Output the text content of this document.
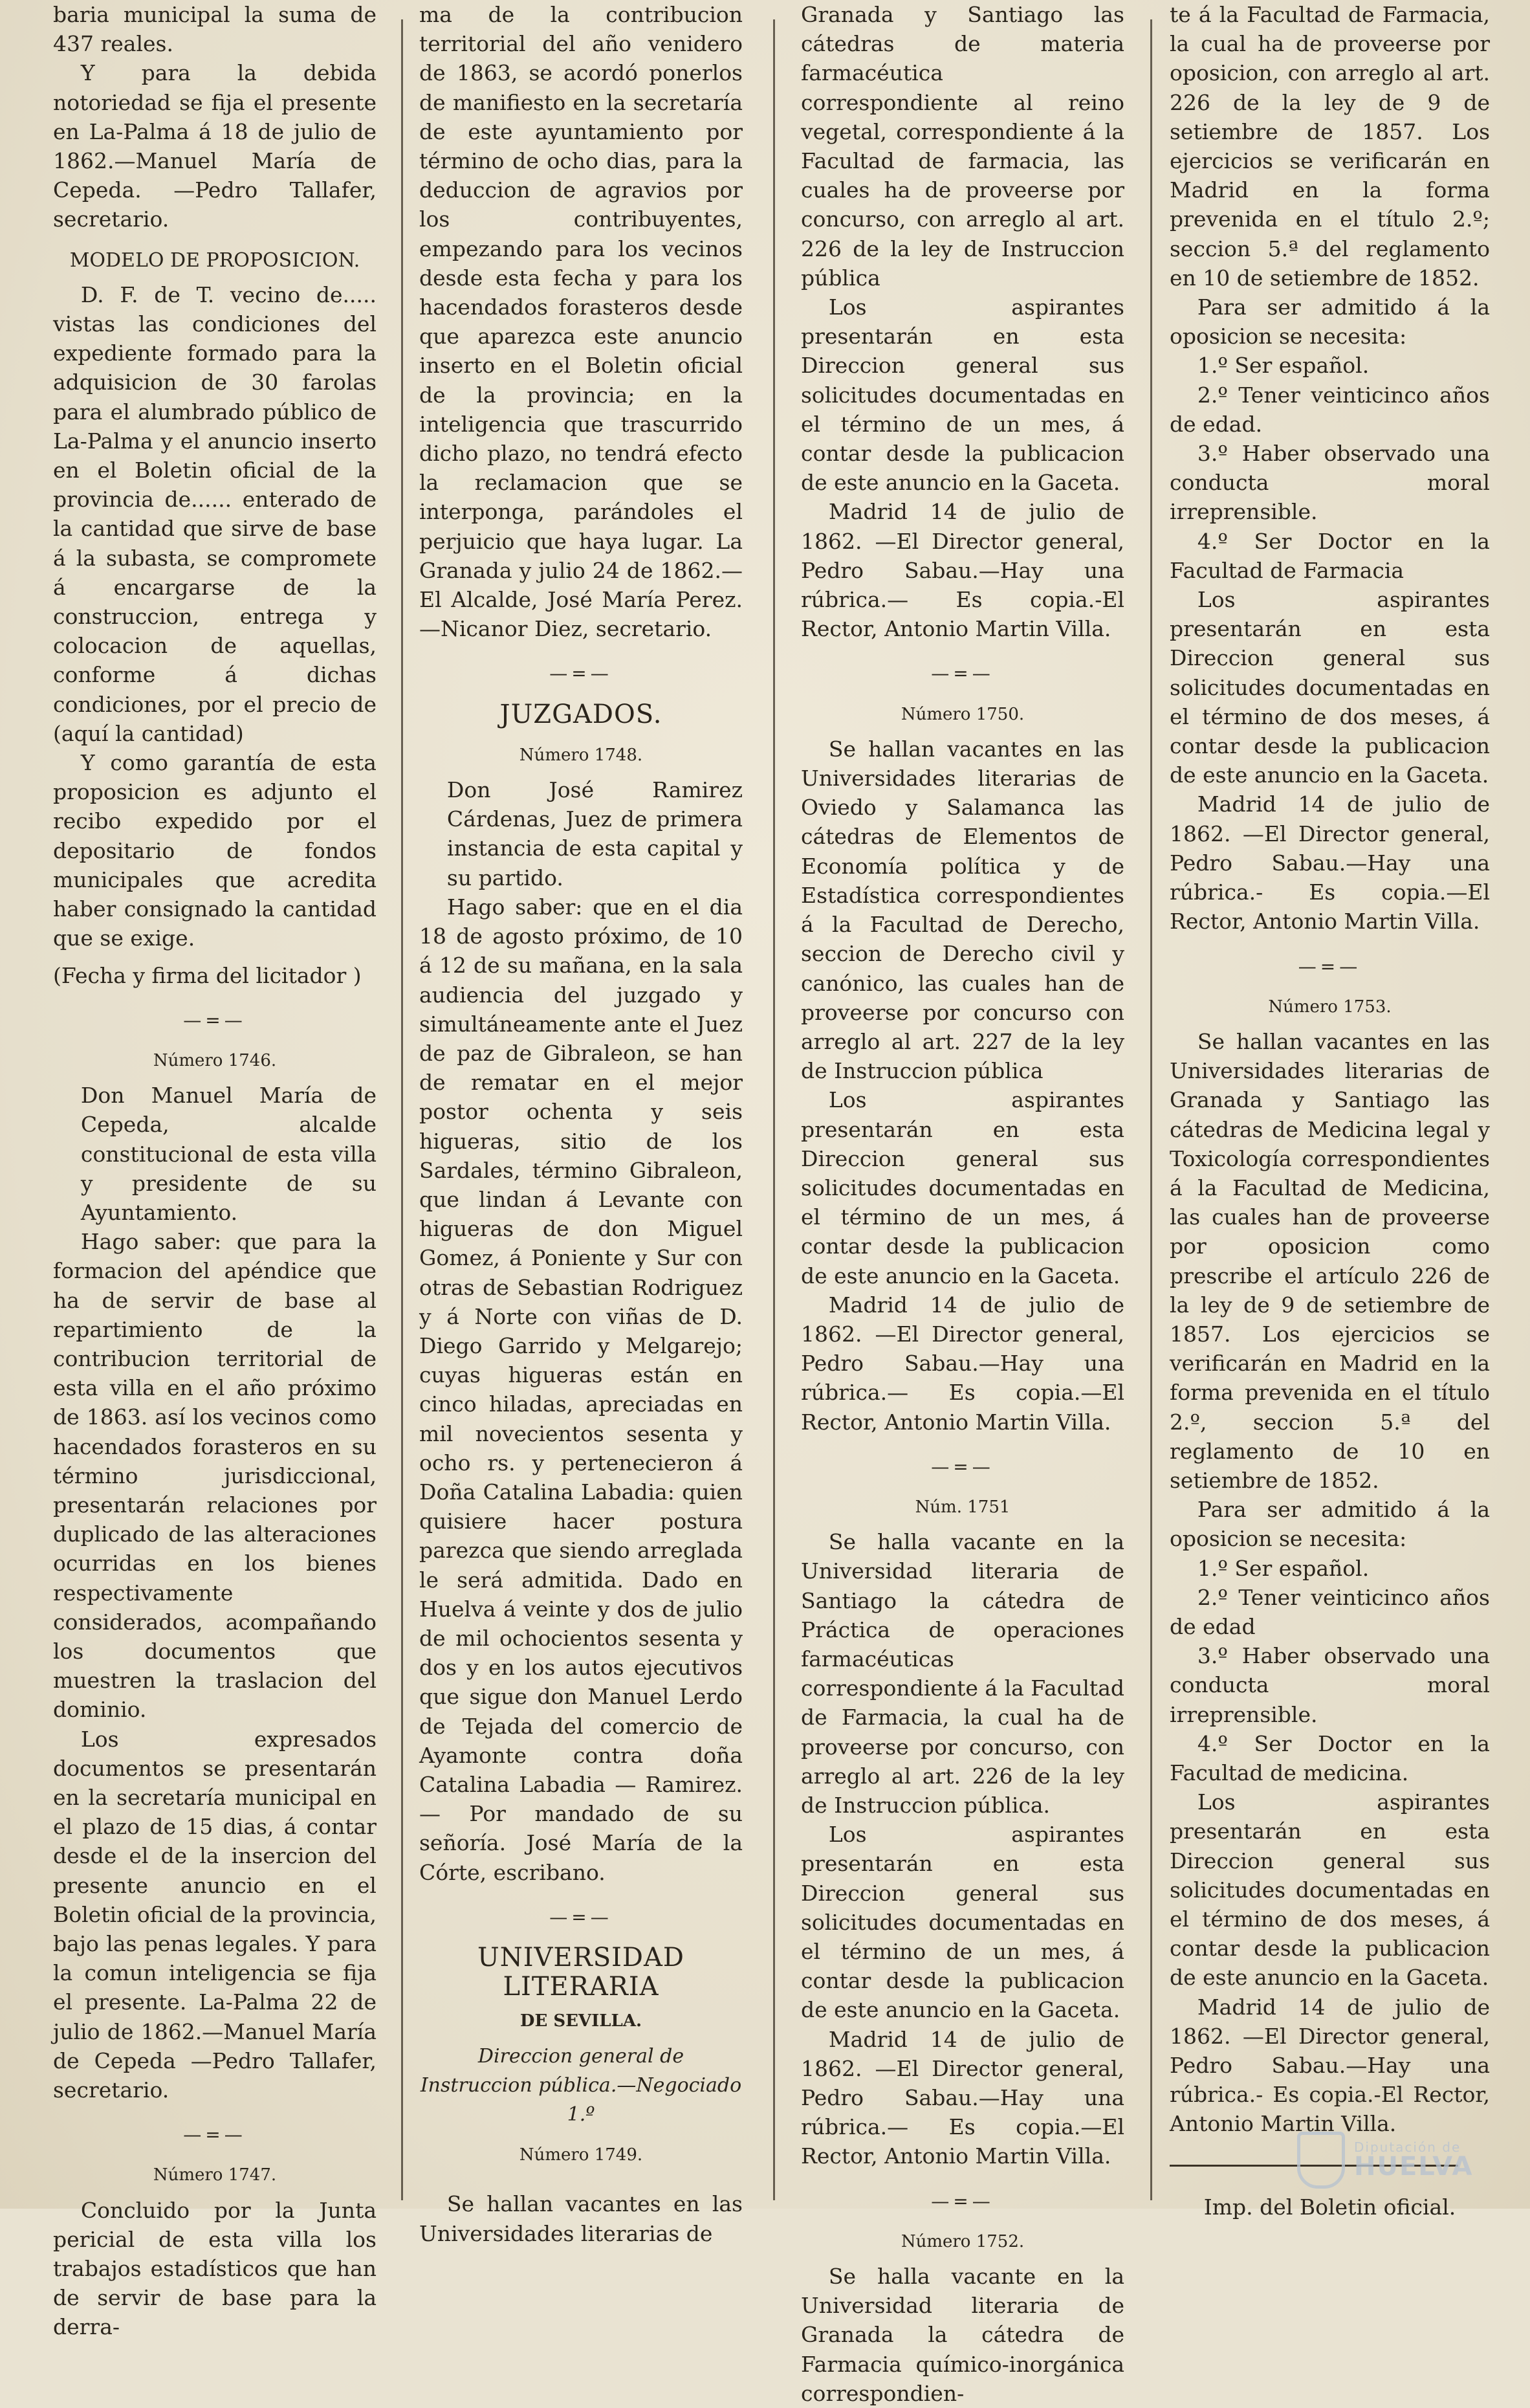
baria municipal la suma de 437 reales.

Y para la debida notoriedad se fija el presente en La-Palma á 18 de julio de 1862.—Manuel María de Cepeda. —Pedro Tallafer, secretario.

MODELO DE PROPOSICION.

D. F. de T. vecino de..... vistas las condiciones del expediente formado para la adquisicion de 30 farolas para el alumbrado público de La-Palma y el anuncio inserto en el Boletin oficial de la provincia de...... enterado de la cantidad que sirve de base á la subasta, se compromete á encargarse de la construccion, entrega y colocacion de aquellas, conforme á dichas condiciones, por el precio de (aquí la cantidad)

Y como garantía de esta proposicion es adjunto el recibo expedido por el depositario de fondos municipales que acredita haber consignado la cantidad que se exige.

(Fecha y firma del licitador )

—=—

Número 1746.

Don Manuel María de Cepeda, alcalde constitucional de esta villa y presidente de su Ayuntamiento.

Hago saber: que para la formacion del apéndice que ha de servir de base al repartimiento de la contribucion territorial de esta villa en el año próximo de 1863. así los vecinos como hacendados forasteros en su término jurisdiccional, presentarán relaciones por duplicado de las alteraciones ocurridas en los bienes respectivamente considerados, acompañando los documentos que muestren la traslacion del dominio.

Los expresados documentos se presentarán en la secretaría municipal en el plazo de 15 dias, á contar desde el de la insercion del presente anuncio en el Boletin oficial de la provincia, bajo las penas legales. Y para la comun inteligencia se fija el presente. La-Palma 22 de julio de 1862.—Manuel María de Cepeda —Pedro Tallafer, secretario.

—=—

Número 1747.

Concluido por la Junta pericial de esta villa los trabajos estadísticos que han de servir de base para la derra-

ma de la contribucion territorial del año venidero de 1863, se acordó ponerlos de manifiesto en la secretaría de este ayuntamiento por término de ocho dias, para la deduccion de agravios por los contribuyentes, empezando para los vecinos desde esta fecha y para los hacendados forasteros desde que aparezca este anuncio inserto en el Boletin oficial de la provincia; en la inteligencia que trascurrido dicho plazo, no tendrá efecto la reclamacion que se interponga, parándoles el perjuicio que haya lugar. La Granada y julio 24 de 1862.—El Alcalde, José María Perez.—Nicanor Diez, secretario.

—=—

JUZGADOS.

Número 1748.

Don José Ramirez Cárdenas, Juez de primera instancia de esta capital y su partido.

Hago saber: que en el dia 18 de agosto próximo, de 10 á 12 de su mañana, en la sala audiencia del juzgado y simultáneamente ante el Juez de paz de Gibraleon, se han de rematar en el mejor postor ochenta y seis higueras, sitio de los Sardales, término Gibraleon, que lindan á Levante con higueras de don Miguel Gomez, á Poniente y Sur con otras de Sebastian Rodriguez y á Norte con viñas de D. Diego Garrido y Melgarejo; cuyas higueras están en cinco hiladas, apreciadas en mil novecientos sesenta y ocho rs. y pertenecieron á Doña Catalina Labadia: quien quisiere hacer postura parezca que siendo arreglada le será admitida. Dado en Huelva á veinte y dos de julio de mil ochocientos sesenta y dos y en los autos ejecutivos que sigue don Manuel Lerdo de Tejada del comercio de Ayamonte contra doña Catalina Labadia — Ramirez.— Por mandado de su señoría. José María de la Córte, escribano.

—=—

UNIVERSIDAD LITERARIA

DE SEVILLA.

Direccion general de Instruccion pública.—Negociado 1.º

Número 1749.

Se hallan vacantes en las Universidades literarias de

Granada y Santiago las cátedras de materia farmacéutica correspondiente al reino vegetal, correspondiente á la Facultad de farmacia, las cuales ha de proveerse por concurso, con arreglo al art. 226 de la ley de Instruccion pública

Los aspirantes presentarán en esta Direccion general sus solicitudes documentadas en el término de un mes, á contar desde la publicacion de este anuncio en la Gaceta.

Madrid 14 de julio de 1862. —El Director general, Pedro Sabau.—Hay una rúbrica.— Es copia.-El Rector, Antonio Martin Villa.

—=—

Número 1750.

Se hallan vacantes en las Universidades literarias de Oviedo y Salamanca las cátedras de Elementos de Economía política y de Estadística correspondientes á la Facultad de Derecho, seccion de Derecho civil y canónico, las cuales han de proveerse por concurso con arreglo al art. 227 de la ley de Instruccion pública

Los aspirantes presentarán en esta Direccion general sus solicitudes documentadas en el término de un mes, á contar desde la publicacion de este anuncio en la Gaceta.

Madrid 14 de julio de 1862. —El Director general, Pedro Sabau.—Hay una rúbrica.— Es copia.—El Rector, Antonio Martin Villa.

—=—

Núm. 1751

Se halla vacante en la Universidad literaria de Santiago la cátedra de Práctica de operaciones farmacéuticas correspondiente á la Facultad de Farmacia, la cual ha de proveerse por concurso, con arreglo al art. 226 de la ley de Instruccion pública.

Los aspirantes presentarán en esta Direccion general sus solicitudes documentadas en el término de un mes, á contar desde la publicacion de este anuncio en la Gaceta.

Madrid 14 de julio de 1862. —El Director general, Pedro Sabau.—Hay una rúbrica.— Es copia.—El Rector, Antonio Martin Villa.

—=—

Número 1752.

Se halla vacante en la Universidad literaria de Granada la cátedra de Farmacia químico-inorgánica correspondien-

te á la Facultad de Farmacia, la cual ha de proveerse por oposicion, con arreglo al art. 226 de la ley de 9 de setiembre de 1857. Los ejercicios se verificarán en Madrid en la forma prevenida en el título 2.º; seccion 5.ª del reglamento en 10 de setiembre de 1852.

Para ser admitido á la oposicion se necesita:

1.º Ser español.

2.º Tener veinticinco años de edad.

3.º Haber observado una conducta moral irreprensible.

4.º Ser Doctor en la Facultad de Farmacia

Los aspirantes presentarán en esta Direccion general sus solicitudes documentadas en el término de dos meses, á contar desde la publicacion de este anuncio en la Gaceta.

Madrid 14 de julio de 1862. —El Director general, Pedro Sabau.—Hay una rúbrica.- Es copia.—El Rector, Antonio Martin Villa.

—=—

Número 1753.

Se hallan vacantes en las Universidades literarias de Granada y Santiago las cátedras de Medicina legal y Toxicología correspondientes á la Facultad de Medicina, las cuales han de proveerse por oposicion como prescribe el artículo 226 de la ley de 9 de setiembre de 1857. Los ejercicios se verificarán en Madrid en la forma prevenida en el título 2.º, seccion 5.ª del reglamento de 10 en setiembre de 1852.

Para ser admitido á la oposicion se necesita:

1.º Ser español.

2.º Tener veinticinco años de edad

3.º Haber observado una conducta moral irreprensible.

4.º Ser Doctor en la Facultad de medicina.

Los aspirantes presentarán en esta Direccion general sus solicitudes documentadas en el término de dos meses, á contar desde la publicacion de este anuncio en la Gaceta.

Madrid 14 de julio de 1862. —El Director general, Pedro Sabau.—Hay una rúbrica.- Es copia.-El Rector, Antonio Martin Villa.

Imp. del Boletin oficial.

Diputación de
HUELVA
